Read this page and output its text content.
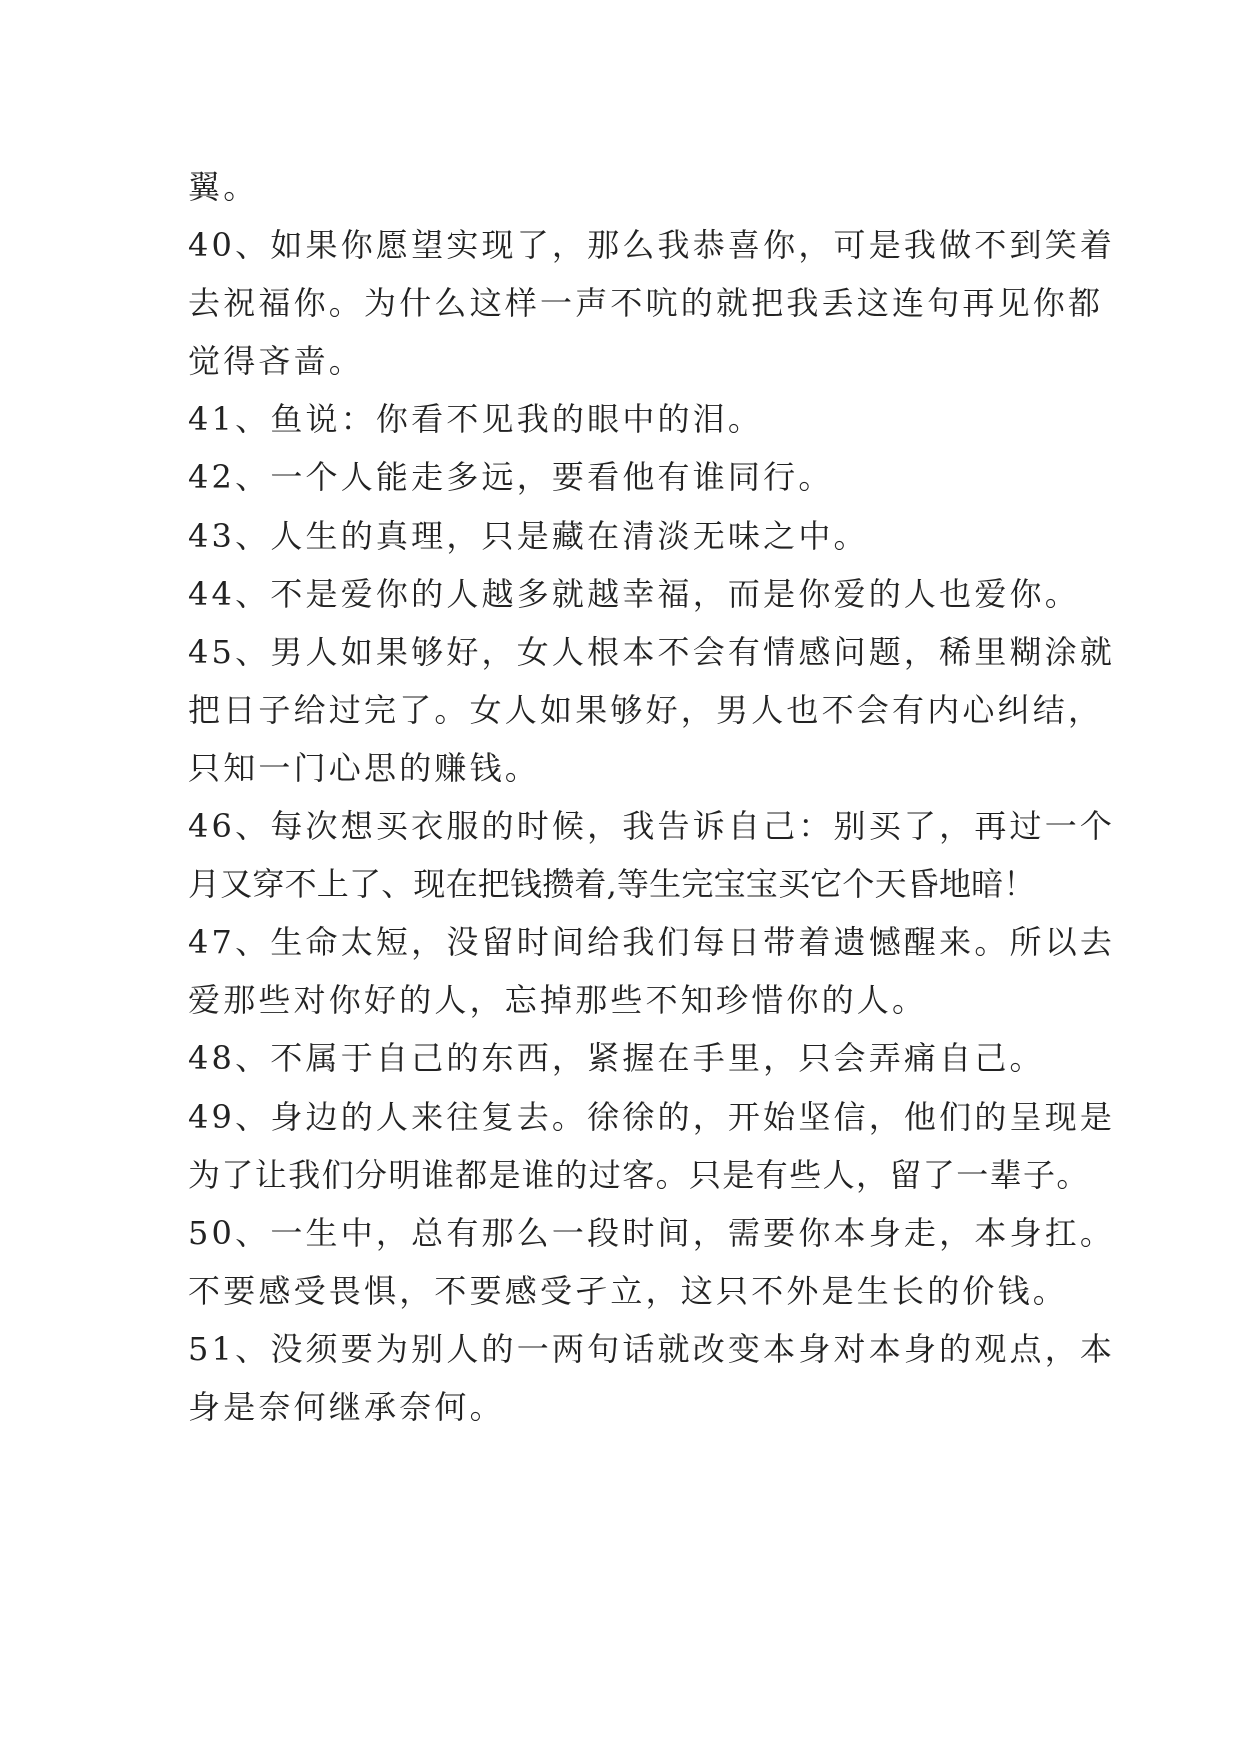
翼。
40、如果你愿望实现了，那么我恭喜你，可是我做不到笑着
去祝福你。为什么这样一声不吭的就把我丢这连句再见你都
觉得吝啬。
41、鱼说：你看不见我的眼中的泪。
42、一个人能走多远，要看他有谁同行。
43、人生的真理，只是藏在清淡无味之中。
44、不是爱你的人越多就越幸福，而是你爱的人也爱你。
45、男人如果够好，女人根本不会有情感问题，稀里糊涂就
把日子给过完了。女人如果够好，男人也不会有内心纠结，
只知一门心思的赚钱。
46、每次想买衣服的时候，我告诉自己：别买了，再过一个
月又穿不上了、现在把钱攒着,等生完宝宝买它个天昏地暗！
47、生命太短，没留时间给我们每日带着遗憾醒来。所以去
爱那些对你好的人，忘掉那些不知珍惜你的人。
48、不属于自己的东西，紧握在手里，只会弄痛自己。
49、身边的人来往复去。徐徐的，开始坚信，他们的呈现是
为了让我们分明谁都是谁的过客。只是有些人，留了一辈子。
50、一生中，总有那么一段时间，需要你本身走，本身扛。
不要感受畏惧，不要感受孑立，这只不外是生长的价钱。
51、没须要为别人的一两句话就改变本身对本身的观点，本
身是奈何继承奈何。
